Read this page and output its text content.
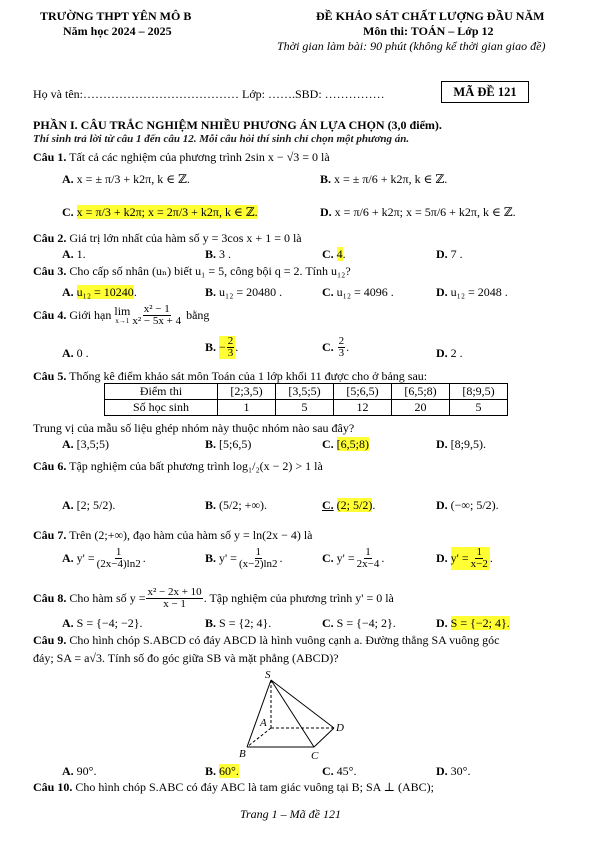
TRƯỜNG THPT YÊN MÔ B
Năm học 2024 – 2025
ĐỀ KHẢO SÁT CHẤT LƯỢNG ĐẦU NĂM
Môn thi: TOÁN – Lớp 12
Thời gian làm bài: 90 phút (không kể thời gian giao đề)
Họ và tên:………………………………… Lớp: …….SBD: ……………	MÃ ĐỀ 121
PHẦN I. CÂU TRẮC NGHIỆM NHIỀU PHƯƠNG ÁN LỰA CHỌN (3,0 điểm).
Thí sinh trả lời từ câu 1 đến câu 12. Mỗi câu hỏi thí sinh chỉ chọn một phương án.
Câu 1. Tất cả các nghiệm của phương trình 2sin x − √3 = 0 là
A. x = ± π/3 + k2π, k ∈ ℤ.	B. x = ± π/6 + k2π, k ∈ ℤ.
C. x = π/3 + k2π; x = 2π/3 + k2π, k ∈ ℤ.	D. x = π/6 + k2π; x = 5π/6 + k2π, k ∈ ℤ.
Câu 2. Giá trị lớn nhất của hàm số y = 3cos x + 1 = 0 là
A. 1.	B. 3 .	C. 4.	D. 7 .
Câu 3. Cho cấp số nhân (uₙ) biết u₁ = 5, công bội q = 2. Tính u₁₂?
A. u₁₂ = 10240.	B. u₁₂ = 20480 .	C. u₁₂ = 4096 .	D. u₁₂ = 2048 .
Câu 4.
Giới hạn
lim
$x\to 1 \frac{\text{x² − 1}}{\text{x² − 5x + 4}}$
bằng
A. 0 .	B.
− $\frac{2}{3}$ .	C.
$\frac{2}{3}$ .	D. 2 .
Câu 5. Thống kê điểm khảo sát môn Toán của 1 lớp khối 11 được cho ở bảng sau:
Điểm thi	[2;3,5)	[3,5;5)	[5;6,5)	[6,5;8)	[8;9,5)
Số học sinh	1	5	12	20	5
Trung vị của mẫu số liệu ghép nhóm này thuộc nhóm nào sau đây?
A. [3,5;5)	B. [5;6,5)	C. [6,5;8)	D. [8;9,5).
Câu 6. Tập nghiệm của bất phương trình log₁/₂(x − 2) > 1 là
A. [2; 5/2).	B. (5/2; +∞).	C. (2; 5/2).	D. (−∞; 5/2).
Câu 7. Trên (2;+∞), đạo hàm của hàm số y = ln(2x − 4) là
A. $y' = \frac{1}{(2x-4)\ln 2}$ .	B. $y' = \frac{1}{(x-2)\ln 2}$ .	C. $y' = \frac{1}{2x-4}$ .	D.
$y' = \frac{1}{x-2}$ .
Câu 8.
Cho hàm số $y = \frac{\text{x² − 2x + 10}}{x - 1}$ . Tập nghiệm của phương trình y' = 0 là
A. S = {−4; −2}.	B. S = {2; 4}.	C. S = {−4; 2}.	D. S = {−2; 4}.
Câu 9. Cho hình chóp S.ABCD có đáy ABCD là hình vuông cạnh a. Đường thẳng SA vuông góc
đáy; SA = a√3. Tính số đo góc giữa SB và mặt phẳng (ABCD)?
S
A
B	C
D
A. 90°.	B. 60°.	C. 45°.	D. 30°.
Câu 10. Cho hình chóp S.ABC có đáy ABC là tam giác vuông tại B; SA ⊥ (ABC);
Trang 1 – Mã đề 121
